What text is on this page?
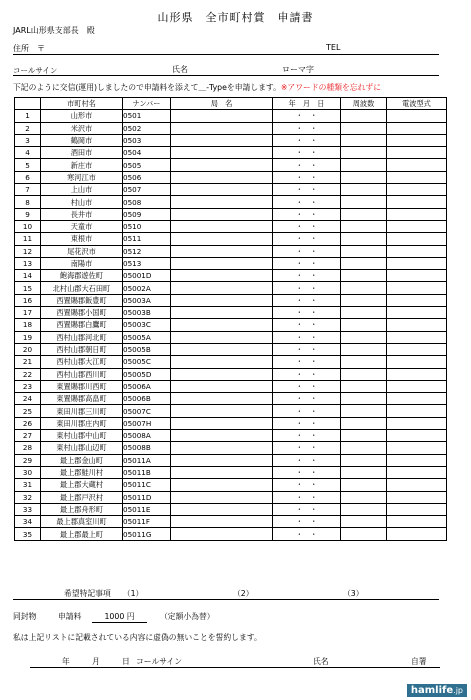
山形県　全市町村賞　申請書
JARL山形県支部長　殿
住所　〒	TEL
コールサイン	氏名	ローマ字
下記のように交信(運用)しましたので申請料を添えて＿-Typeを申請します。※アワードの種類を忘れずに
	市町村名	ナンバー	局　名	年　月　日	周波数	電波型式
1	山形市	0501		・　・		
2	米沢市	0502		・　・		
3	鶴岡市	0503		・　・		
4	酒田市	0504		・　・		
5	新庄市	0505		・　・		
6	寒河江市	0506		・　・		
7	上山市	0507		・　・		
8	村山市	0508		・　・		
9	長井市	0509		・　・		
10	天童市	0510		・　・		
11	東根市	0511		・　・		
12	尾花沢市	0512		・　・		
13	南陽市	0513		・　・		
14	飽海郡遊佐町	05001D		・　・		
15	北村山郡大石田町	05002A		・　・		
16	西置賜郡飯豊町	05003A		・　・		
17	西置賜郡小国町	05003B		・　・		
18	西置賜郡白鷹町	05003C		・　・		
19	西村山郡河北町	05005A		・　・		
20	西村山郡朝日町	05005B		・　・		
21	西村山郡大江町	05005C		・　・		
22	西村山郡西川町	05005D		・　・		
23	東置賜郡川西町	05006A		・　・		
24	東置賜郡高畠町	05006B		・　・		
25	東田川郡三川町	05007C		・　・		
26	東田川郡庄内町	05007H		・　・		
27	東村山郡中山町	05008A		・　・		
28	東村山郡山辺町	05008B		・　・		
29	最上郡金山町	05011A		・　・		
30	最上郡鮭川村	05011B		・　・		
31	最上郡大蔵村	05011C		・　・		
32	最上郡戸沢村	05011D		・　・		
33	最上郡舟形町	05011E		・　・		
34	最上郡真室川町	05011F		・　・		
35	最上郡最上町	05011G		・　・		
希望特記事項 （1）	（2）	（3）
同封物	申請料	1000 円	（定額小為替）
私は上記リストに記載されている内容に虚偽の無いことを誓約します。
年	月	日 コールサイン	氏名	自署
hamlife.jp
